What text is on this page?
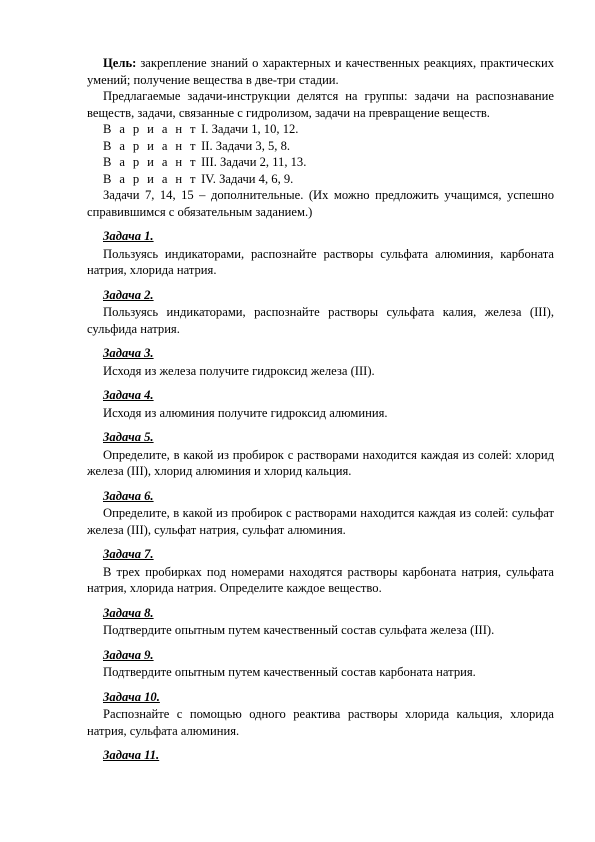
Цель: закрепление знаний о характерных и качественных реакциях, практических умений; получение вещества в две-три стадии.

Предлагаемые задачи-инструкции делятся на группы: задачи на распознавание веществ, задачи, связанные с гидролизом, задачи на превращение веществ.

В а р и а н т I. Задачи 1, 10, 12.

В а р и а н т II. Задачи 3, 5, 8.

В а р и а н т III. Задачи 2, 11, 13.

В а р и а н т IV. Задачи 4, 6, 9.

Задачи 7, 14, 15 – дополнительные. (Их можно предложить учащимся, успешно справившимся с обязательным заданием.)

Задача 1.

Пользуясь индикаторами, распознайте растворы сульфата алюминия, карбоната натрия, хлорида натрия.

Задача 2.

Пользуясь индикаторами, распознайте растворы сульфата калия, железа (III), сульфида натрия.

Задача 3.

Исходя из железа получите гидроксид железа (III).

Задача 4.

Исходя из алюминия получите гидроксид алюминия.

Задача 5.

Определите, в какой из пробирок с растворами находится каждая из солей: хлорид железа (III), хлорид алюминия и хлорид кальция.

Задача 6.

Определите, в какой из пробирок с растворами находится каждая из солей: сульфат железа (III), сульфат натрия, сульфат алюминия.

Задача 7.

В трех пробирках под номерами находятся растворы карбоната натрия, сульфата натрия, хлорида натрия. Определите каждое вещество.

Задача 8.

Подтвердите опытным путем качественный состав сульфата железа (III).

Задача 9.

Подтвердите опытным путем качественный состав карбоната натрия.

Задача 10.

Распознайте с помощью одного реактива растворы хлорида кальция, хлорида натрия, сульфата алюминия.

Задача 11.
